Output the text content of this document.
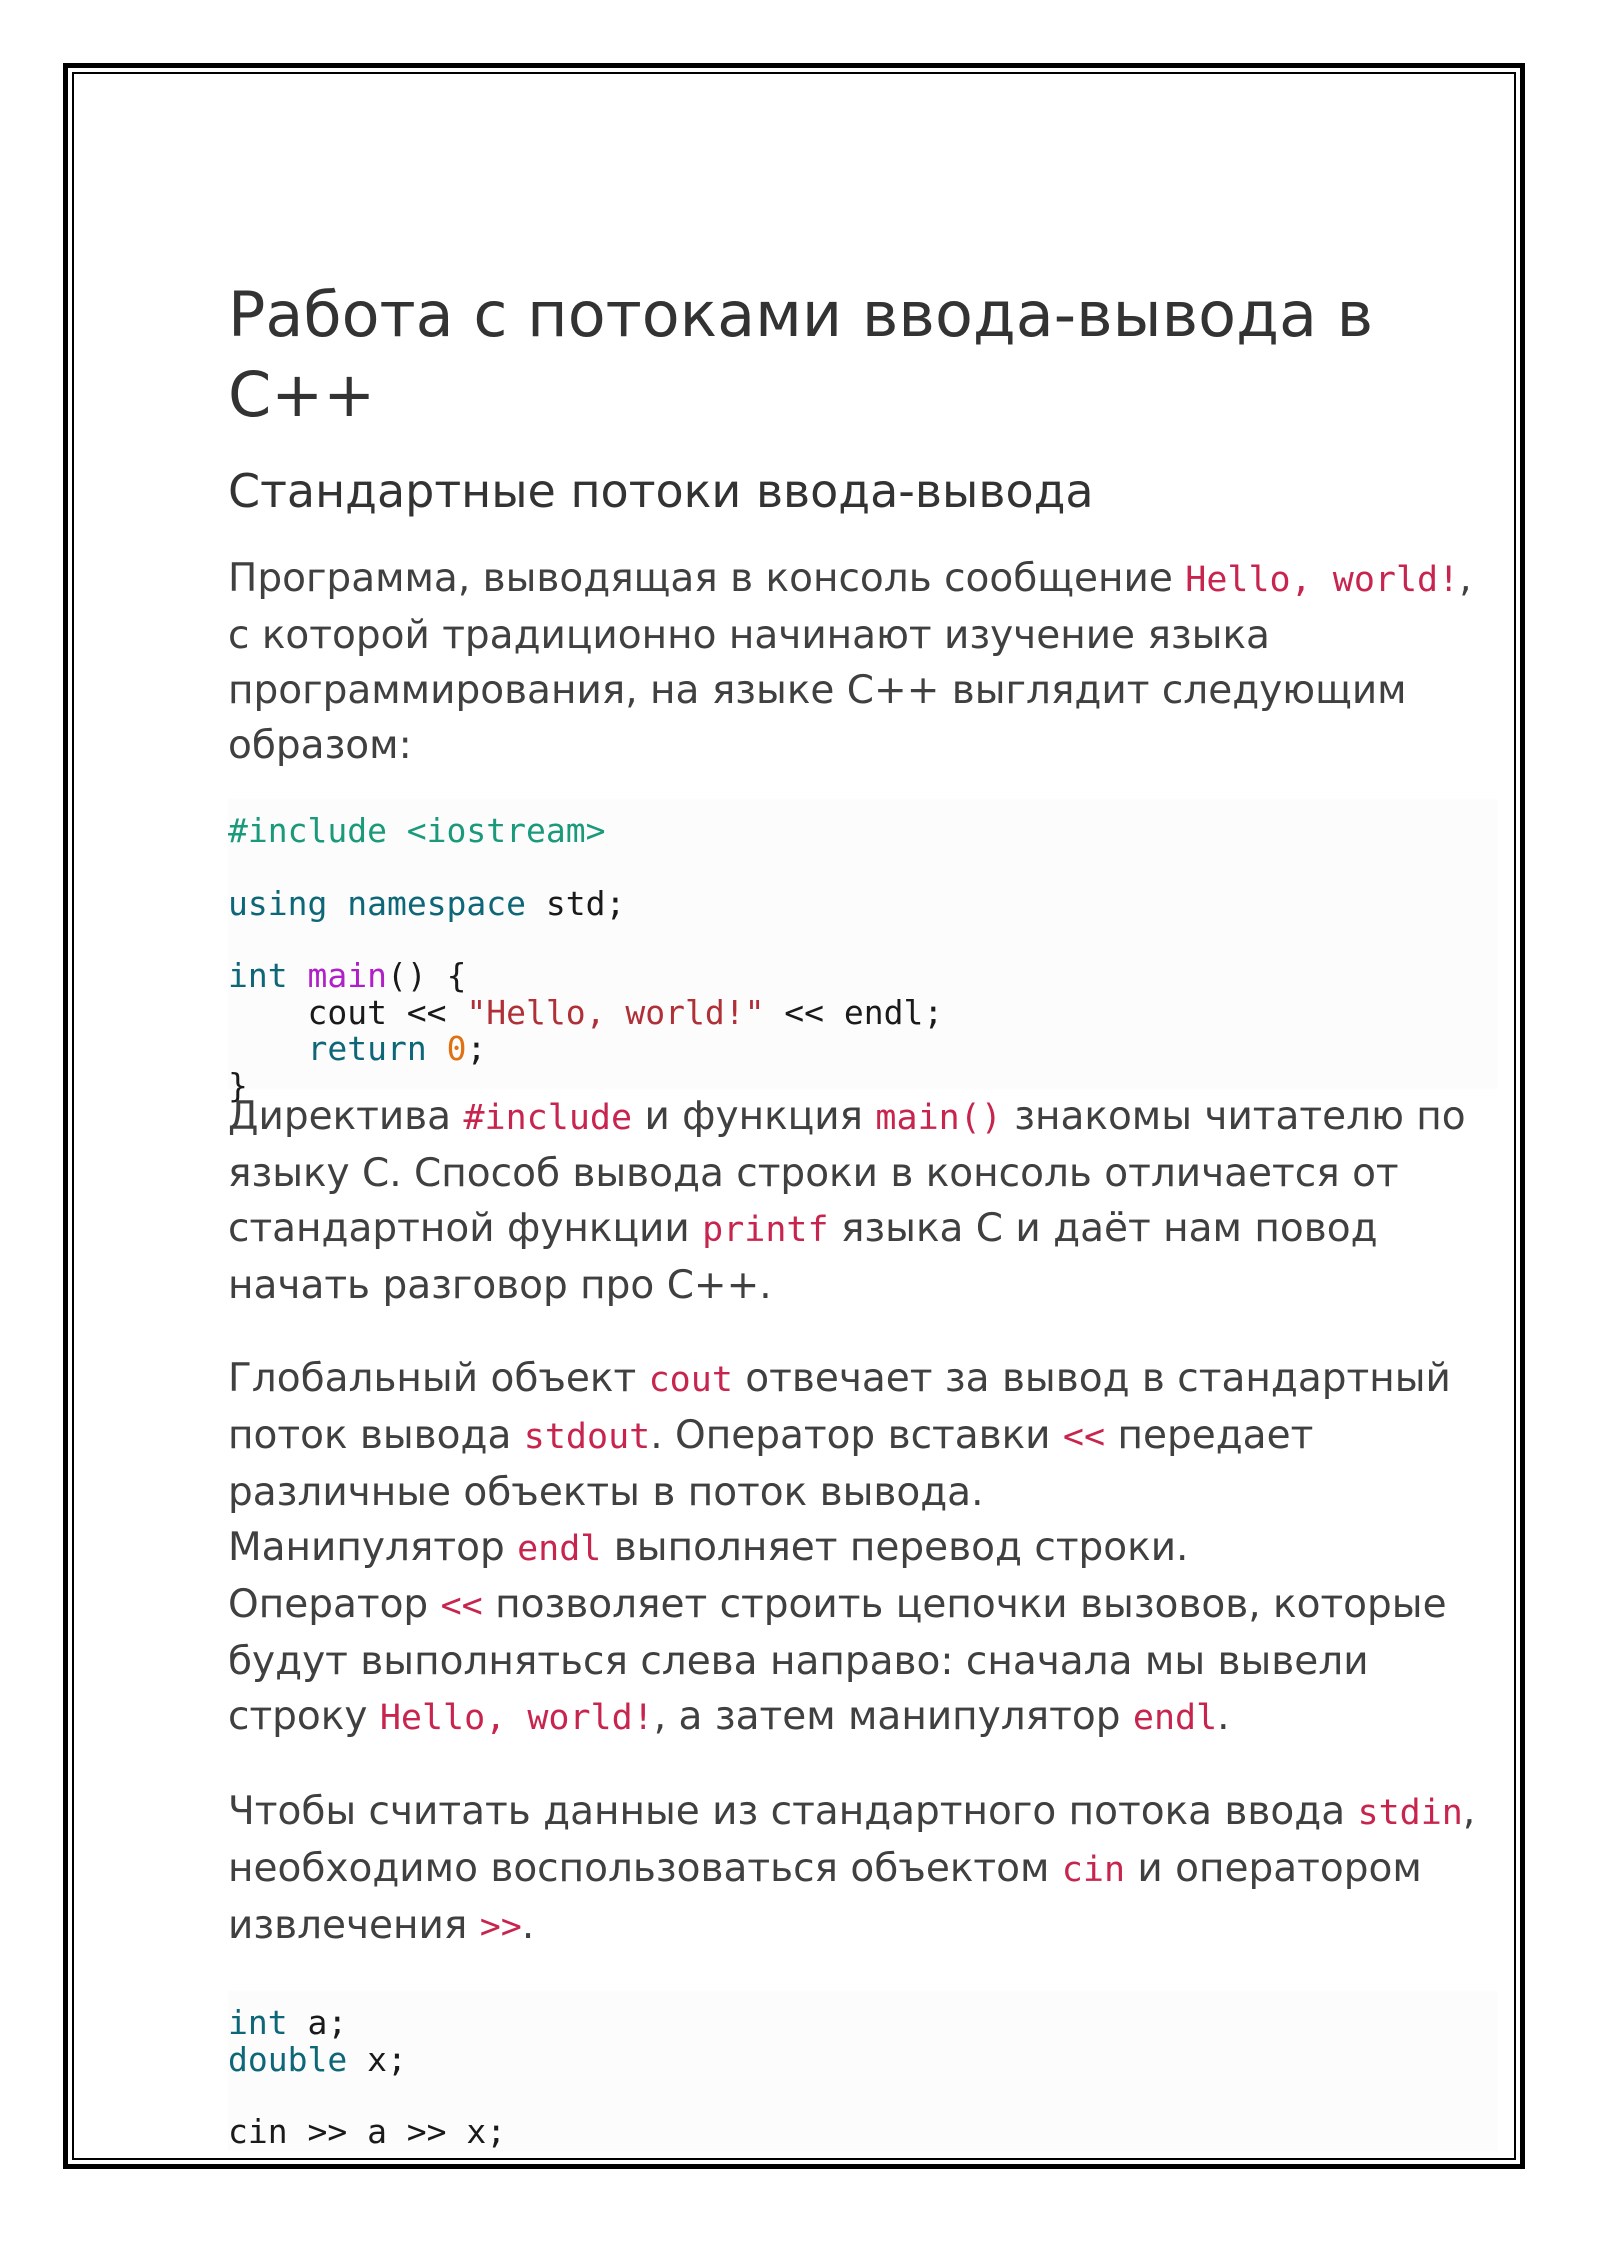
Работа с потоками ввода-вывода в C++
Стандартные потоки ввода-вывода

Программа, выводящая в консоль сообщение Hello, world!, с которой традиционно начинают изучение языка программирования, на языке C++ выглядит следующим образом:

#include <iostream>

using namespace std;

int main() {
cout << "Hello, world!" << endl;
return 0;
}

Директива #include и функция main() знакомы читателю по языку C. Способ вывода строки в консоль отличается от стандартной функции printf языка C и даёт нам повод начать разговор про C++.

Глобальный объект cout отвечает за вывод в стандартный поток вывода stdout. Оператор вставки << передает различные объекты в поток вывода.
Манипулятор endl выполняет перевод строки.
Оператор << позволяет строить цепочки вызовов, которые будут выполняться слева направо: сначала мы вывели строку Hello, world!, а затем манипулятор endl.

Чтобы считать данные из стандартного потока ввода stdin, необходимо воспользоваться объектом cin и оператором извлечения >>.

int a;
double x;

cin >> a >> x;
